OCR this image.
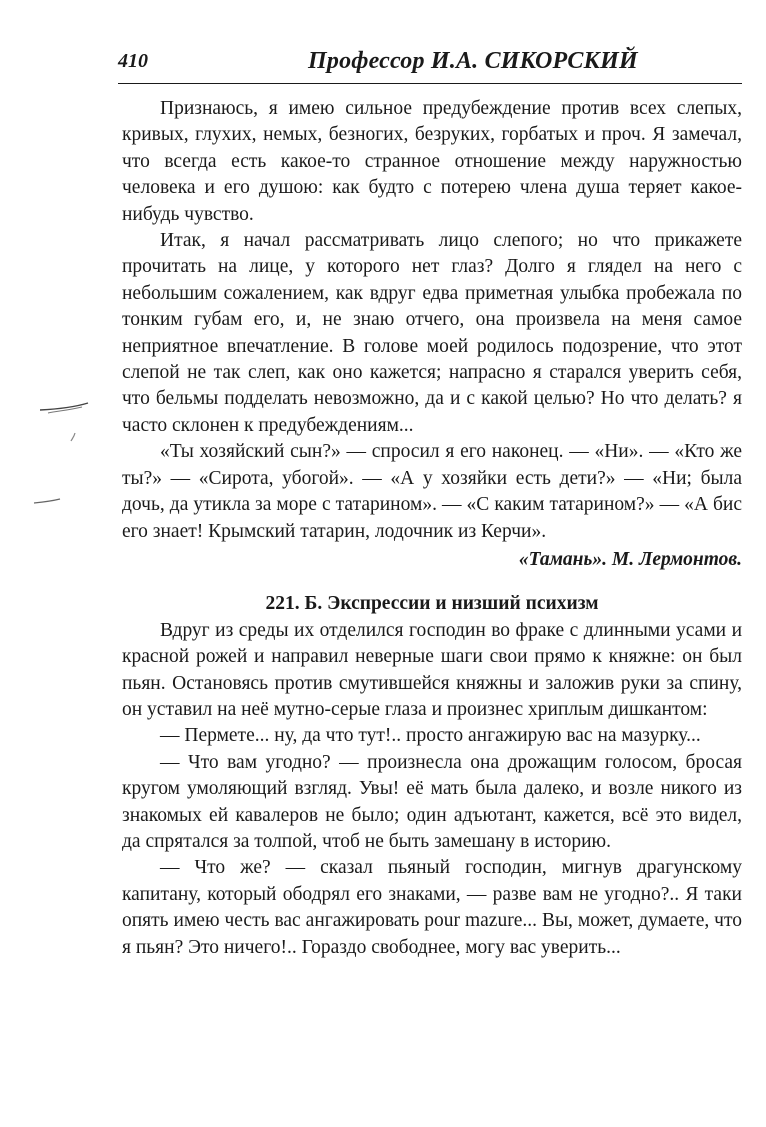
410	Профессор И.А. СИКОРСКИЙ

Признаюсь, я имею сильное предубеждение против всех слепых, кривых, глухих, немых, безногих, безруких, горбатых и проч. Я замечал, что всегда есть какое-то странное отношение между наружностью человека и его душою: как будто с потерею члена душа теряет какое-нибудь чувство.

Итак, я начал рассматривать лицо слепого; но что прикажете прочитать на лице, у которого нет глаз? Долго я глядел на него с небольшим сожалением, как вдруг едва приметная улыбка пробежала по тонким губам его, и, не знаю отчего, она произвела на меня самое неприятное впечатление. В голове моей родилось подозрение, что этот слепой не так слеп, как оно кажется; напрасно я старался уверить себя, что бельмы подделать невозможно, да и с какой целью? Но что делать? я часто склонен к предубеждениям...

«Ты хозяйский сын?» — спросил я его наконец. — «Ни». — «Кто же ты?» — «Сирота, убогой». — «А у хозяйки есть дети?» — «Ни; была дочь, да утикла за море с татарином». — «С каким татарином?» — «А бис его знает! Крымский татарин, лодочник из Керчи».

«Тамань». М. Лермонтов.
221. Б. Экспрессии и низший психизм

Вдруг из среды их отделился господин во фраке с длинными усами и красной рожей и направил неверные шаги свои прямо к княжне: он был пьян. Остановясь против смутившейся княжны и заложив руки за спину, он уставил на неё мутно-серые глаза и произнес хриплым дишкантом:

— Пермете... ну, да что тут!.. просто ангажирую вас на мазурку...

— Что вам угодно? — произнесла она дрожащим голосом, бросая кругом умоляющий взгляд. Увы! её мать была далеко, и возле никого из знакомых ей кавалеров не было; один адъютант, кажется, всё это видел, да спрятался за толпой, чтоб не быть замешану в историю.

— Что же? — сказал пьяный господин, мигнув драгунскому капитану, который ободрял его знаками, — разве вам не угодно?.. Я таки опять имею честь вас ангажировать pour mazure... Вы, может, думаете, что я пьян? Это ничего!.. Гораздо свободнее, могу вас уверить...
